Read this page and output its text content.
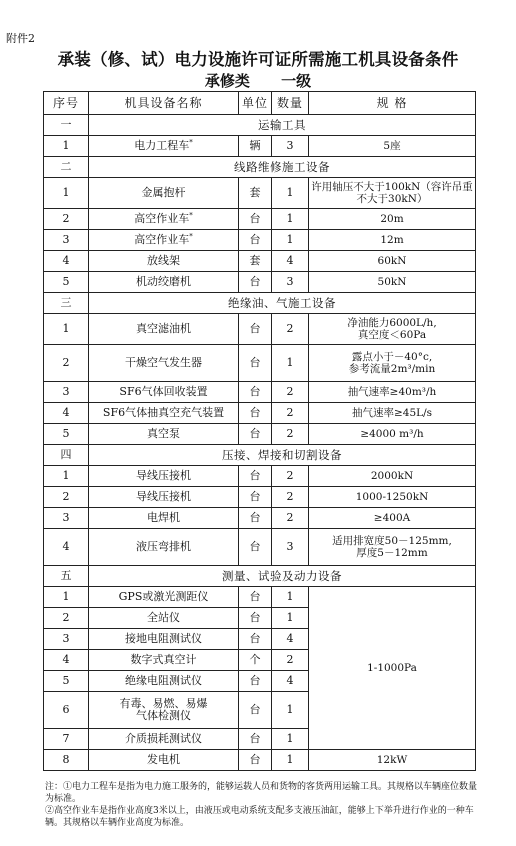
附件2
承装（修、试）电力设施许可证所需施工机具设备条件
承修类      一级
序号	机具设备名称	单位	数量	规 格
一	运输工具			
1	电力工程车*	辆	3	5座
二	线路维修施工设备			
1	金属抱杆	套	1	许用轴压不大于100kN（容许吊重不大于30kN）
2	高空作业车*	台	1	20m
3	高空作业车*	台	1	12m
4	放线架	套	4	60kN
5	机动绞磨机	台	3	50kN
三	绝缘油、气施工设备			
1	真空滤油机	台	2	净油能力6000L/h,
真空度＜60Pa

2	干燥空气发生器	台	1	露点小于－40°c,
参考流量2m³/min

3	SF6气体回收装置	台	2	抽气速率≥40m³/h
4	SF6气体抽真空充气装置	台	2	抽气速率≥45L/s
5	真空泵	台	2	≥4000 m³/h
四	压接、焊接和切割设备			
1	导线压接机	台	2	2000kN
2	导线压接机	台	2	1000-1250kN
3	电焊机	台	2	≥400A
4	液压弯排机	台	3	适用排宽度50－125mm,
厚度5－12mm

五	测量、试验及动力设备			
1	GPS或激光测距仪	台	1	1-1000Pa
2	全站仪	台	1	
3	接地电阻测试仪	台	4	
4	数字式真空计	个	2	
5	绝缘电阻测试仪	台	4	
6	有毒、易燃、易爆
气体检测仪	台	1	
7	介质损耗测试仪	台	1	
8	发电机	台	1	12kW
注：①电力工程车是指为电力施工服务的，能够运载人员和货物的客货两用运输工具。其规格以车辆座位数量为标准。
②高空作业车是指作业高度3米以上，由液压或电动系统支配多支液压油缸，能够上下举升进行作业的一种车辆。其规格以车辆作业高度为标准。
